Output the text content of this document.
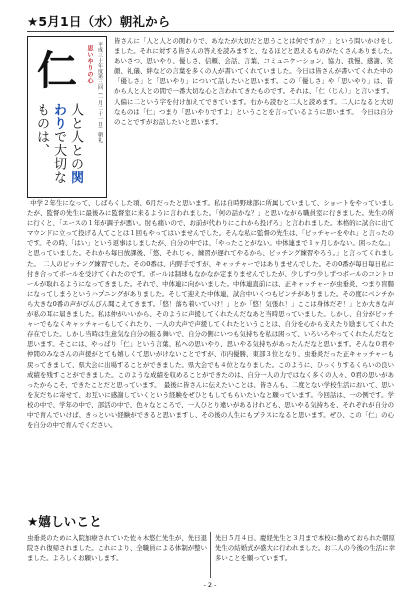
★5月1日（水）朝礼から
平成三十年度第三回（一月二十一日）朝礼
思いやりの心
仁
人と人との関わりで大切なものは、

皆さんに「人と人との関わりで、あなたが大切だと思うことは何ですか？」という問いかけをしました。それに対する皆さんの答えを読みますと、なるほどと思えるものがたくさんありました。　あいさつ、思いやり、優しさ、信頼、会話、言葉、コミュニケーション、協力、我慢、感謝、笑顔、礼儀、絆などの言葉を多くの人が書いてくれていました。今日は皆さんが書いてくれた中の「優しさ」と「思いやり」について話したいと思います。この「優しさ」や「思いやり」は、昔から人と人との間で一番大切な心と言われてきたものです。それは、「仁（じん）」と言います。人偏に二という字を付け加えてできています。右から読むと二人と読めます。二人になると大切なものは「仁」つまり「思いやりですよ」ということを言っているように思います。　今日は自分のことですがお話したいと思います。

中学２年生になって、しばらくした頃、6月だったと思います。私は自時野球部に所属していまして、ショートをやっていましたが、監督の先生に最後みに監督室に来るように言われました。「何の話かな？」と思いながら職員室に行きました。先生の所に行くと、「エースの１年が調子が悪い。肘も痛いので、お前が代わりにこれから投げろ」と言われました。本格的に試合に出てマウンドに立って投げる人てことは１回もやってはいませんでした。そんな私に監督の先生は、「ピッチャーをやれ」と言ったのです。その時、「はい」という返事はしましたが、自分の中では、「やったことがない。中体連まで１ヶ月しかない。困ったな。」と思っていました。それから毎日放課後、「悠、それじゃ、練習が遅れてやるから、ピッチング練習やろう。」と言ってくれました。　二人のピッチング練習でした。その0番は、内野手ですが、キャッチャーではありませんでした。その0番が毎日毎日私に付き合ってボールを受けてくれたのです。ボールは制球もなかなか定まりませんでしたが、少しずつ少しずつボールのコントロールが取れるようになってきました。それで、中体連に向かいました。中体連直前には、正キャッチャーが虫垂炎、つまり盲腸になってしまうというハプニングがありました。そして迎えた中体連、試合中いくつもピンチがありました。その度にベンチから大きな0番の声がびんびん聞こえてきます。「悠！落ち着いていけ！」とか「悠！気張れ！」ここは身体だぞ！」とか大きな声が私の耳に届きました。私は仲がいいから、そのように声援してくれたんだなあと当時思っていました。しかし、自分がピッチャーでもなくキャッチャーもしてくれたり、一人の大声で声援してくれたということは、自分を心から支えたり励ましてくれた存在でした。しかし当時は生意気な自分の振る舞いで、自分の側にいつも気持ちを私は困って、いろいろやってくれたんだなと思います。そこには、やっぱり「仁」という言葉、私への思いやり、思いやる気持ちがあったんだなと思います。そんな０君や仲間のみなさんの声援がとても嬉しくて思いがけないことですが、市内優勝、東部３位となり、虫垂炎だった正キャッチャーも戻ってきまして、県大会に出場することができました。県大会でも４位となりました。このように、ひっくりするくらいの良い成績を残すことができました。このような成績を収めることができたのは、自分一人の力ではなく多くの人々、0君の思いがあったからこそ、できたことだと思っています。　最後に皆さんに伝えたいことは、皆さんも、二度とない学校生活において、思いを友だちに寄せて、お互いに感謝していくという経験をぜひともしてもらいたいなと願っています。今回話は、一の例です。学校の中で、学年の中で、部活の中で、色々なところで、一人ひとり違いがあるけれども、思いやる気持ちを、それぞれが自分の中で育んでいけば、きっといい経験ができると思いますし、その後の人生にもプラスになると思います。ぜひ、この「仁」の心を自分の中で育んでください。

★嬉しいこと

虫垂炎のために入院加療されていた佐々木悠仁先生が、先日退院され復帰されました。これにより、全職員による体制が整いました。よろしくお願いします。

先日５月４日、慶経先生と３月まで本校に勤めておられた朝原先生の結婚式が盛大に行われました。お二人の今後の生活に幸多いことを願っています。

- 2 -
